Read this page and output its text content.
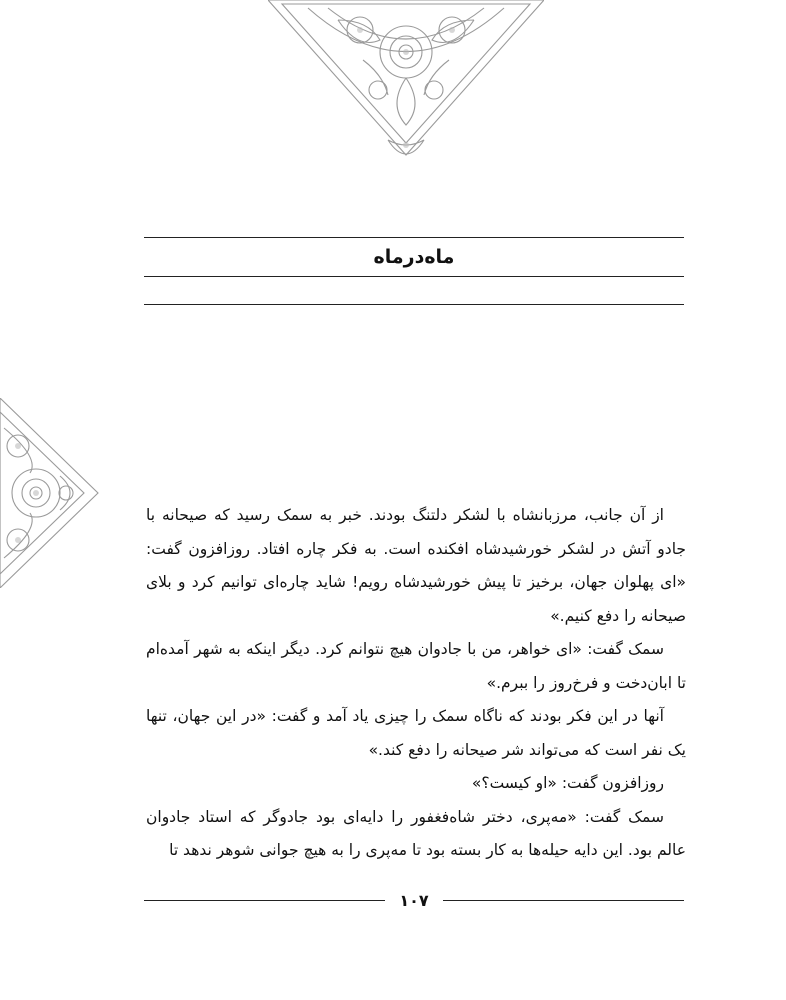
ماه‌درماه

از آن جانب، مرزبانشاه با لشکر دلتنگ بودند. خبر به سمک رسید که صیحانه با جادو آتش در لشکر خورشیدشاه افکنده است. به فکر چاره افتاد. روزافزون گفت: «ای پهلوان جهان، برخیز تا پیش خورشیدشاه رویم! شاید چاره‌ای توانیم کرد و بلای صیحانه را دفع کنیم.»

سمک گفت: «ای خواهر، من با جادوان هیچ نتوانم کرد. دیگر اینکه به شهر آمده‌ام تا ابان‌دخت و فرخ‌روز را ببرم.»

آنها در این فکر بودند که ناگاه سمک را چیزی یاد آمد و گفت: «در این جهان، تنها یک نفر است که می‌تواند شر صیحانه را دفع کند.»

روزافزون گفت: «او کیست؟»

سمک گفت: «مه‌پری، دختر شاه‌فغفور را دایه‌ای بود جادوگر که استاد جادوان عالم بود. این دایه حیله‌ها به کار بسته بود تا مه‌پری را به هیچ جوانی شوهر ندهد تا

۱۰۷
